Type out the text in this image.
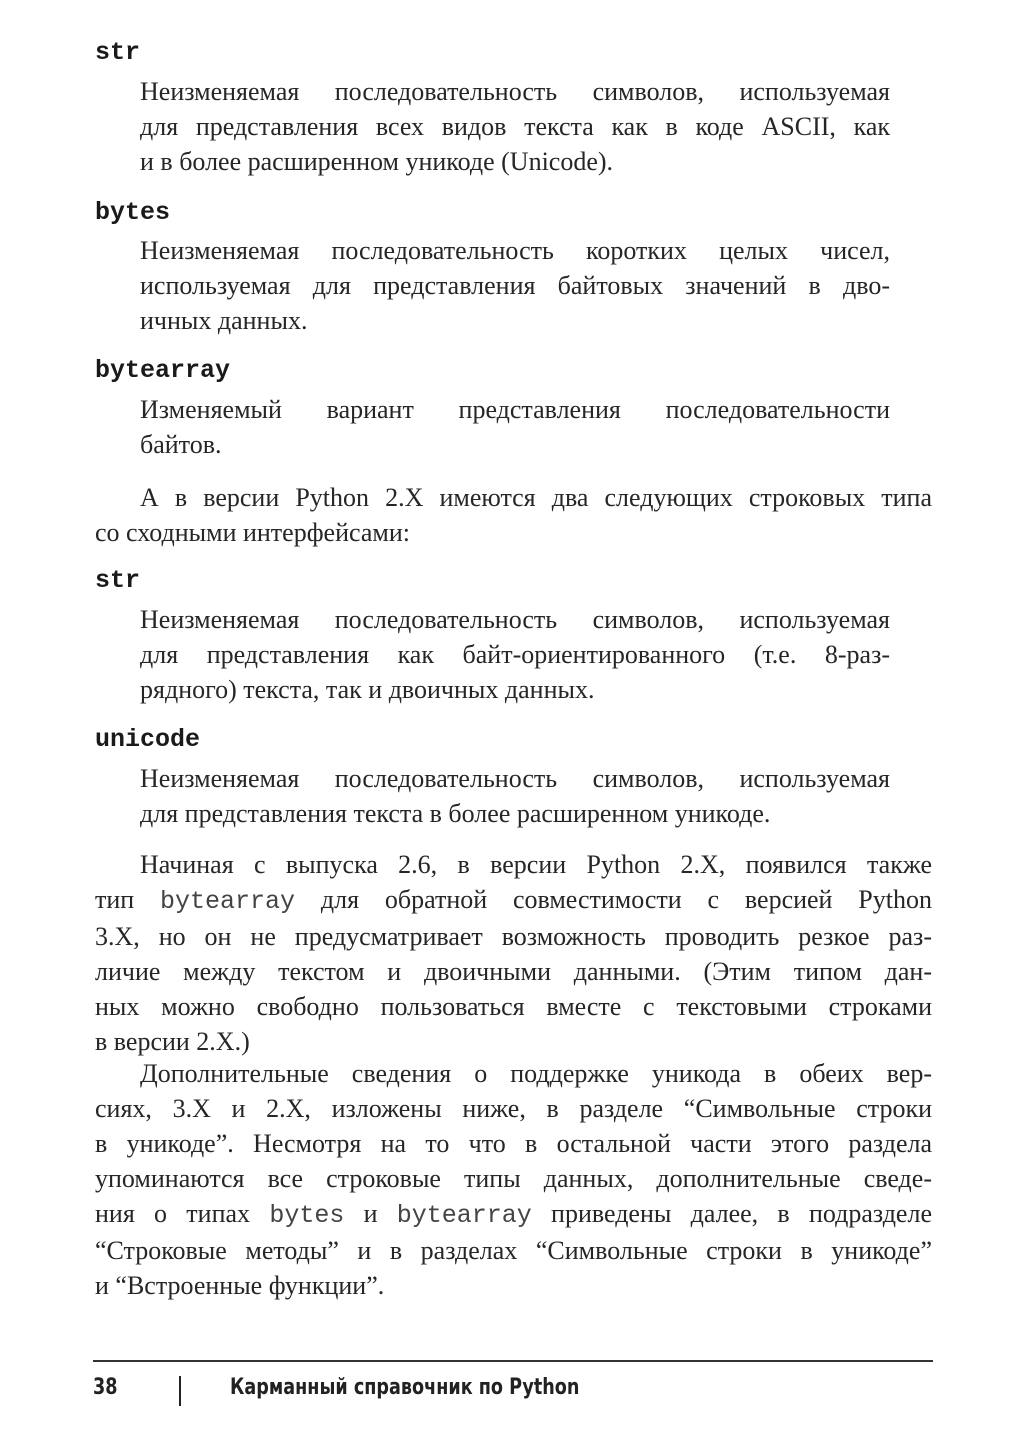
str

Неизменяемая последовательность символов, используемая
для представления всех видов текста как в коде ASCII, как
и в более расширенном уникоде (Unicode).

bytes

Неизменяемая последовательность коротких целых чисел,
используемая для представления байтовых значений в дво-
ичных данных.

bytearray

Изменяемый вариант представления последовательности
байтов.

А в версии Python 2.X имеются два следующих строковых типа
со сходными интерфейсами:

str

Неизменяемая последовательность символов, используемая
для представления как байт-ориентированного (т.е. 8-раз-
рядного) текста, так и двоичных данных.

unicode

Неизменяемая последовательность символов, используемая
для представления текста в более расширенном уникоде.

Начиная с выпуска 2.6, в версии Python 2.X, появился также
тип bytearray для обратной совместимости с версией Python
3.X, но он не предусматривает возможность проводить резкое раз-
личие между текстом и двоичными данными. (Этим типом дан-
ных можно свободно пользоваться вместе с текстовыми строками
в версии 2.X.)

Дополнительные сведения о поддержке уникода в обеих вер-
сиях, 3.X и 2.X, изложены ниже, в разделе “Символьные строки
в уникоде”. Несмотря на то что в остальной части этого раздела
упоминаются все строковые типы данных, дополнительные сведе-
ния о типах bytes и bytearray приведены далее, в подразделе
“Строковые методы” и в разделах “Символьные строки в уникоде”
и “Встроенные функции”.

38	Карманный справочник по Python
